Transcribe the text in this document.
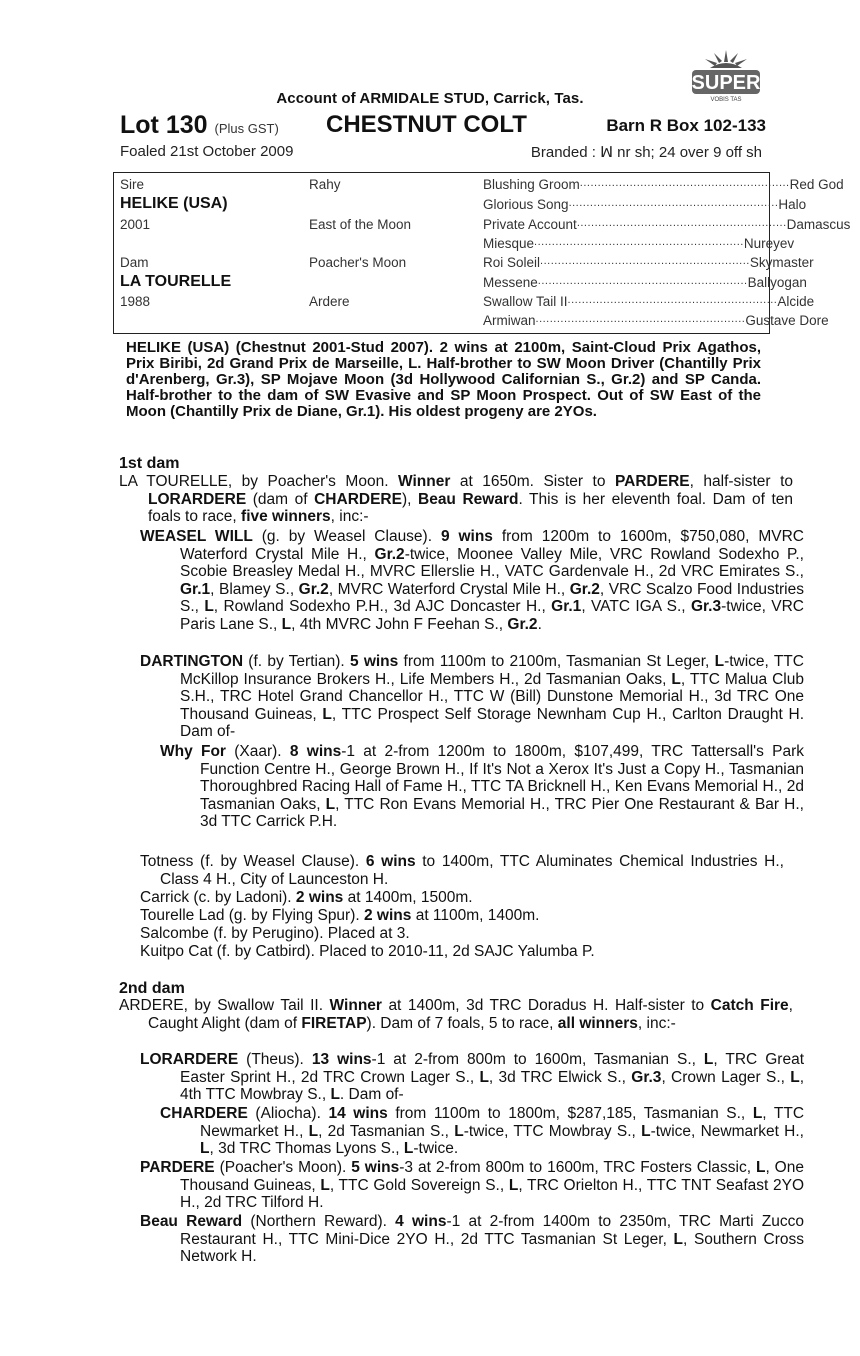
SUPER
VOBIS TAS
Account of ARMIDALE STUD, Carrick, Tas.
Lot 130 (Plus GST) CHESTNUT COLT	Barn R Box 102-133
Foaled 21st October 2009	Branded : ꟽ nr sh; 24 over 9 off sh
Sire
HELIKE (USA)
2001
Dam
LA TOURELLE
1988
Rahy
East of the Moon
Poacher's Moon
Ardere
Blushing Groom ........................................................... Red God
Glorious Song ........................................................... Halo
Private Account ........................................................... Damascus
Miesque ........................................................... Nureyev
Roi Soleil ........................................................... Skymaster
Messene ........................................................... Ballyogan
Swallow Tail II ........................................................... Alcide
Armiwan ........................................................... Gustave Dore
HELIKE (USA) (Chestnut 2001-Stud 2007). 2 wins at 2100m, Saint-Cloud Prix Agathos, Prix Biribi, 2d Grand Prix de Marseille, L. Half-brother to SW Moon Driver (Chantilly Prix d'Arenberg, Gr.3), SP Mojave Moon (3d Hollywood Californian S., Gr.2) and SP Canda. Half-brother to the dam of SW Evasive and SP Moon Prospect. Out of SW East of the Moon (Chantilly Prix de Diane, Gr.1). His oldest progeny are 2YOs.
1st dam

LA TOURELLE, by Poacher's Moon. Winner at 1650m. Sister to PARDERE, half-sister to LORARDERE (dam of CHARDERE), Beau Reward. This is her eleventh foal. Dam of ten foals to race, five winners, inc:-

WEASEL WILL (g. by Weasel Clause). 9 wins from 1200m to 1600m, $750,080, MVRC Waterford Crystal Mile H., Gr.2-twice, Moonee Valley Mile, VRC Rowland Sodexho P., Scobie Breasley Medal H., MVRC Ellerslie H., VATC Gardenvale H., 2d VRC Emirates S., Gr.1, Blamey S., Gr.2, MVRC Waterford Crystal Mile H., Gr.2, VRC Scalzo Food Industries S., L, Rowland Sodexho P.H., 3d AJC Doncaster H., Gr.1, VATC IGA S., Gr.3-twice, VRC Paris Lane S., L, 4th MVRC John F Feehan S., Gr.2.

DARTINGTON (f. by Tertian). 5 wins from 1100m to 2100m, Tasmanian St Leger, L-twice, TTC McKillop Insurance Brokers H., Life Members H., 2d Tasmanian Oaks, L, TTC Malua Club S.H., TRC Hotel Grand Chancellor H., TTC W (Bill) Dunstone Memorial H., 3d TRC One Thousand Guineas, L, TTC Prospect Self Storage Newnham Cup H., Carlton Draught H. Dam of-

Why For (Xaar). 8 wins-1 at 2-from 1200m to 1800m, $107,499, TRC Tattersall's Park Function Centre H., George Brown H., If It's Not a Xerox It's Just a Copy H., Tasmanian Thoroughbred Racing Hall of Fame H., TTC TA Bricknell H., Ken Evans Memorial H., 2d Tasmanian Oaks, L, TTC Ron Evans Memorial H., TRC Pier One Restaurant & Bar H., 3d TTC Carrick P.H.

Totness (f. by Weasel Clause). 6 wins to 1400m, TTC Aluminates Chemical Industries H., Class 4 H., City of Launceston H.

Carrick (c. by Ladoni). 2 wins at 1400m, 1500m.

Tourelle Lad (g. by Flying Spur). 2 wins at 1100m, 1400m.

Salcombe (f. by Perugino). Placed at 3.

Kuitpo Cat (f. by Catbird). Placed to 2010-11, 2d SAJC Yalumba P.

2nd dam

ARDERE, by Swallow Tail II. Winner at 1400m, 3d TRC Doradus H. Half-sister to Catch Fire, Caught Alight (dam of FIRETAP). Dam of 7 foals, 5 to race, all winners, inc:-

LORARDERE (Theus). 13 wins-1 at 2-from 800m to 1600m, Tasmanian S., L, TRC Great Easter Sprint H., 2d TRC Crown Lager S., L, 3d TRC Elwick S., Gr.3, Crown Lager S., L, 4th TTC Mowbray S., L. Dam of-

CHARDERE (Aliocha). 14 wins from 1100m to 1800m, $287,185, Tasmanian S., L, TTC Newmarket H., L, 2d Tasmanian S., L-twice, TTC Mowbray S., L-twice, Newmarket H., L, 3d TRC Thomas Lyons S., L-twice.

PARDERE (Poacher's Moon). 5 wins-3 at 2-from 800m to 1600m, TRC Fosters Classic, L, One Thousand Guineas, L, TTC Gold Sovereign S., L, TRC Orielton H., TTC TNT Seafast 2YO H., 2d TRC Tilford H.

Beau Reward (Northern Reward). 4 wins-1 at 2-from 1400m to 2350m, TRC Marti Zucco Restaurant H., TTC Mini-Dice 2YO H., 2d TTC Tasmanian St Leger, L, Southern Cross Network H.
